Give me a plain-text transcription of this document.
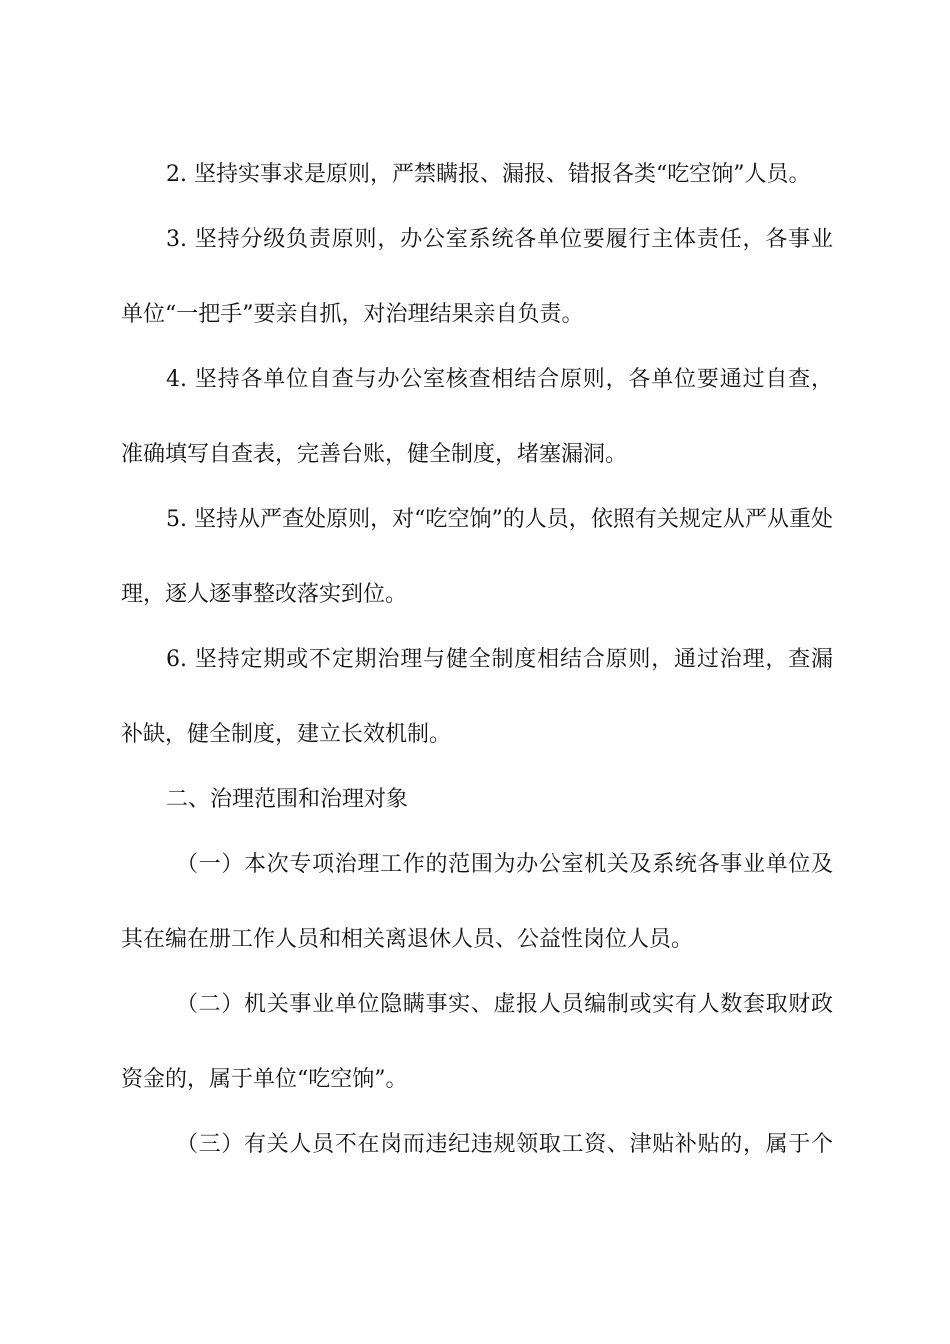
2. 坚持实事求是原则，严禁瞒报、漏报、错报各类“吃空饷”人员。
3. 坚持分级负责原则，办公室系统各单位要履行主体责任，各事业
单位“一把手”要亲自抓，对治理结果亲自负责。
4. 坚持各单位自查与办公室核查相结合原则，各单位要通过自查，
准确填写自查表，完善台账，健全制度，堵塞漏洞。
5. 坚持从严查处原则，对“吃空饷”的人员，依照有关规定从严从重处
理，逐人逐事整改落实到位。
6. 坚持定期或不定期治理与健全制度相结合原则，通过治理，查漏
补缺，健全制度，建立长效机制。
二、治理范围和治理对象
（一）本次专项治理工作的范围为办公室机关及系统各事业单位及
其在编在册工作人员和相关离退休人员、公益性岗位人员。
（二）机关事业单位隐瞒事实、虚报人员编制或实有人数套取财政
资金的，属于单位“吃空饷”。
（三）有关人员不在岗而违纪违规领取工资、津贴补贴的，属于个
